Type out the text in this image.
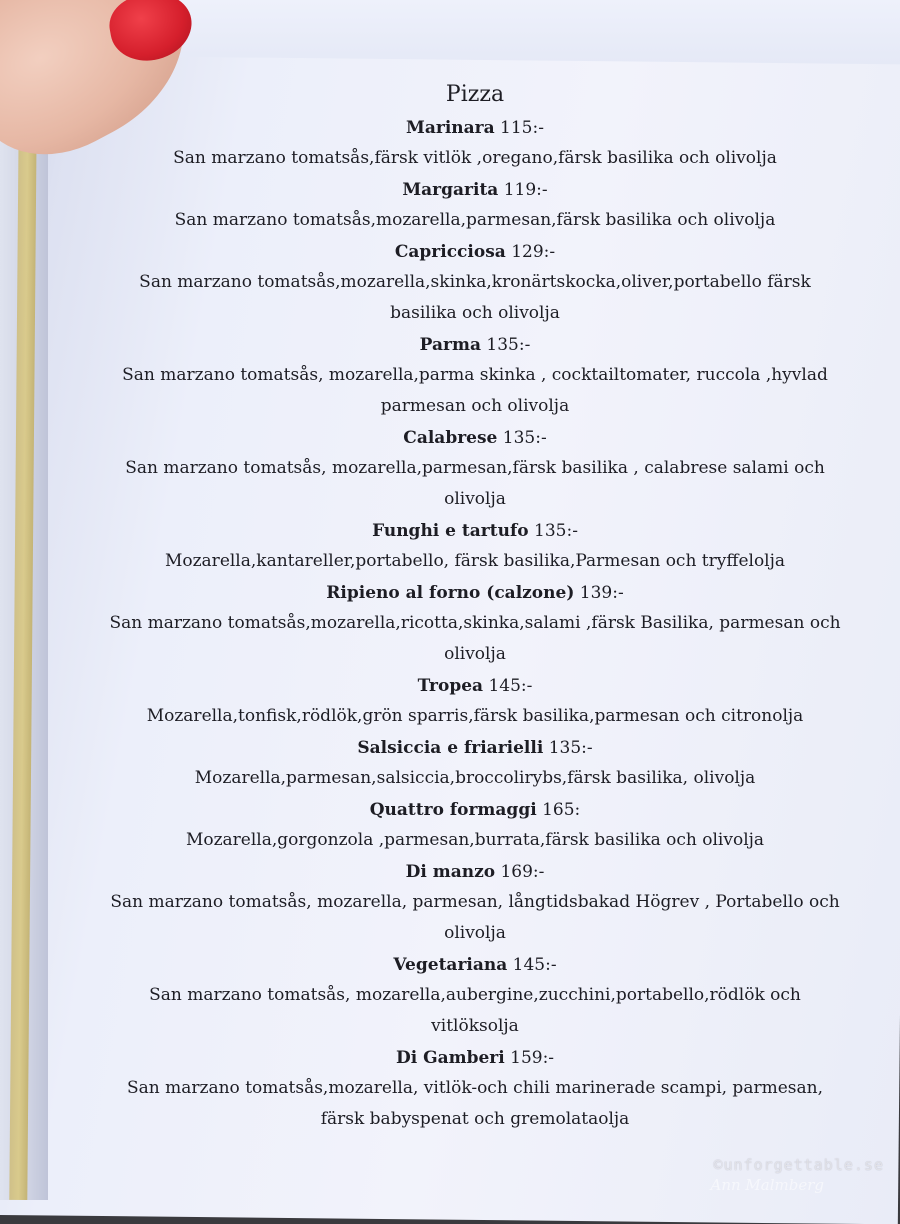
Pizza
Marinara 115:-
San marzano tomatsås,färsk vitlök ,oregano,färsk basilika och olivolja
Margarita 119:-
San marzano tomatsås,mozarella,parmesan,färsk basilika och olivolja
Capricciosa 129:-
San marzano tomatsås,mozarella,skinka,kronärtskocka,oliver,portabello färsk basilika och olivolja
Parma 135:-
San marzano tomatsås, mozarella,parma skinka , cocktailtomater, ruccola ,hyvlad parmesan och olivolja
Calabrese 135:-
San marzano tomatsås, mozarella,parmesan,färsk basilika , calabrese salami och olivolja
Funghi e tartufo 135:-
Mozarella,kantareller,portabello, färsk basilika,Parmesan och tryffelolja
Ripieno al forno (calzone) 139:-
San marzano tomatsås,mozarella,ricotta,skinka,salami ,färsk Basilika, parmesan och olivolja
Tropea 145:-
Mozarella,tonfisk,rödlök,grön sparris,färsk basilika,parmesan och citronolja
Salsiccia e friarielli 135:-
Mozarella,parmesan,salsiccia,broccolirybs,färsk basilika, olivolja
Quattro formaggi 165:
Mozarella,gorgonzola ,parmesan,burrata,färsk basilika och olivolja
Di manzo 169:-
San marzano tomatsås, mozarella, parmesan, långtidsbakad Högrev , Portabello och olivolja
Vegetariana 145:-
San marzano tomatsås, mozarella,aubergine,zucchini,portabello,rödlök och vitlöksolja
Di Gamberi 159:-
San marzano tomatsås,mozarella, vitlök-och chili marinerade scampi, parmesan, färsk babyspenat och gremolataolja
©unforgettable.se
Ann Malmberg
